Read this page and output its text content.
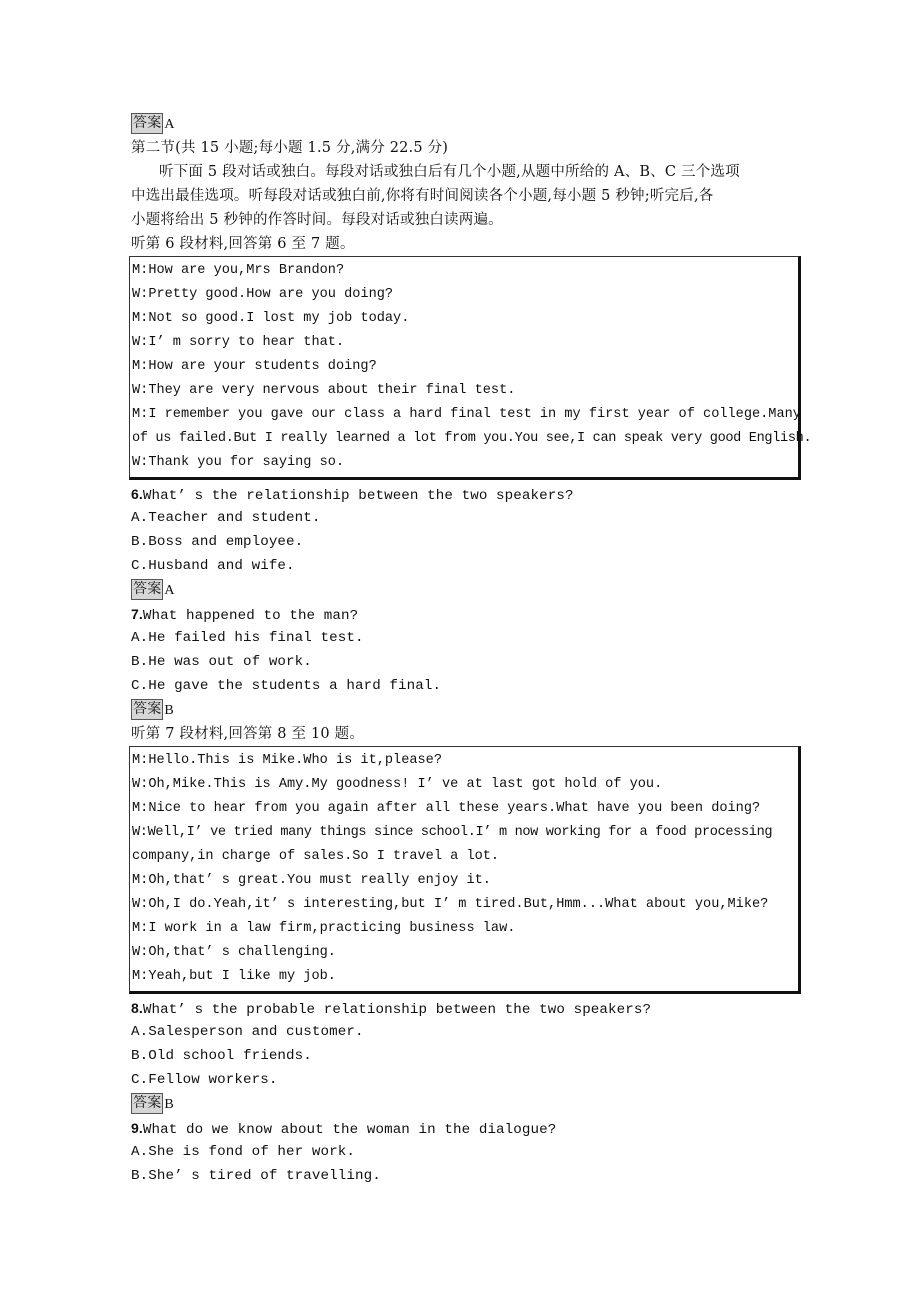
答案 A
第二节(共 15 小题;每小题 1.5 分,满分 22.5 分)
听下面 5 段对话或独白。每段对话或独白后有几个小题,从题中所给的 A、B、C 三个选项
中选出最佳选项。听每段对话或独白前,你将有时间阅读各个小题,每小题 5 秒钟;听完后,各
小题将给出 5 秒钟的作答时间。每段对话或独白读两遍。
听第 6 段材料,回答第 6 至 7 题。
M:How are you,Mrs Brandon?
W:Pretty good.How are you doing?
M:Not so good.I lost my job today.
W:I’ m sorry to hear that.
M:How are your students doing?
W:They are very nervous about their final test.
M:I remember you gave our class a hard final test in my first year of college.Many
of us failed.But I really learned a lot from you.You see,I can speak very good English.
W:Thank you for saying so.
6.What’ s the relationship between the two speakers?
A.Teacher and student.
B.Boss and employee.
C.Husband and wife.
答案 A
7.What happened to the man?
A.He failed his final test.
B.He was out of work.
C.He gave the students a hard final.
答案 B
听第 7 段材料,回答第 8 至 10 题。
M:Hello.This is Mike.Who is it,please?
W:Oh,Mike.This is Amy.My goodness! I’ ve at last got hold of you.
M:Nice to hear from you again after all these years.What have you been doing?
W:Well,I’ ve tried many things since school.I’ m now working for a food processing
company,in charge of sales.So I travel a lot.
M:Oh,that’ s great.You must really enjoy it.
W:Oh,I do.Yeah,it’ s interesting,but I’ m tired.But,Hmm...What about you,Mike?
M:I work in a law firm,practicing business law.
W:Oh,that’ s challenging.
M:Yeah,but I like my job.
8.What’ s the probable relationship between the two speakers?
A.Salesperson and customer.
B.Old school friends.
C.Fellow workers.
答案 B
9.What do we know about the woman in the dialogue?
A.She is fond of her work.
B.She’ s tired of travelling.
